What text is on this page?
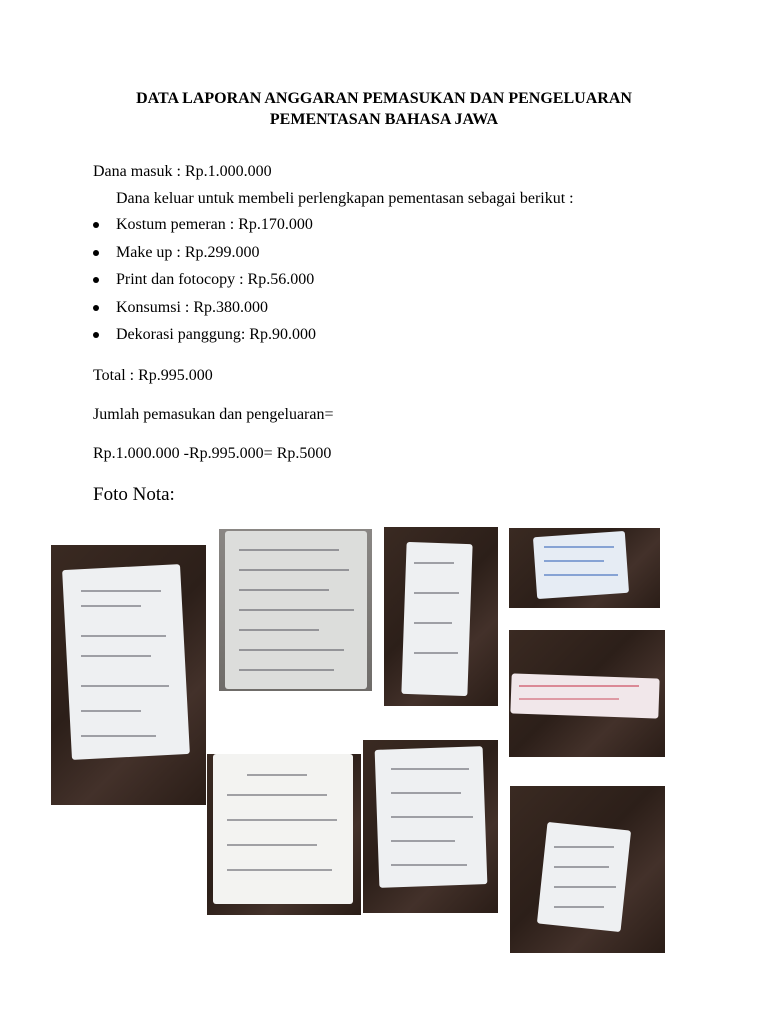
DATA LAPORAN ANGGARAN PEMASUKAN DAN PENGELUARAN
PEMENTASAN BAHASA JAWA
Dana masuk : Rp.1.000.000
Dana keluar untuk membeli perlengkapan pementasan sebagai berikut :
Kostum pemeran : Rp.170.000
Make up : Rp.299.000
Print dan fotocopy : Rp.56.000
Konsumsi : Rp.380.000
Dekorasi panggung: Rp.90.000
Total : Rp.995.000
Jumlah pemasukan dan pengeluaran=
Rp.1.000.000 -Rp.995.000= Rp.5000
Foto Nota:
